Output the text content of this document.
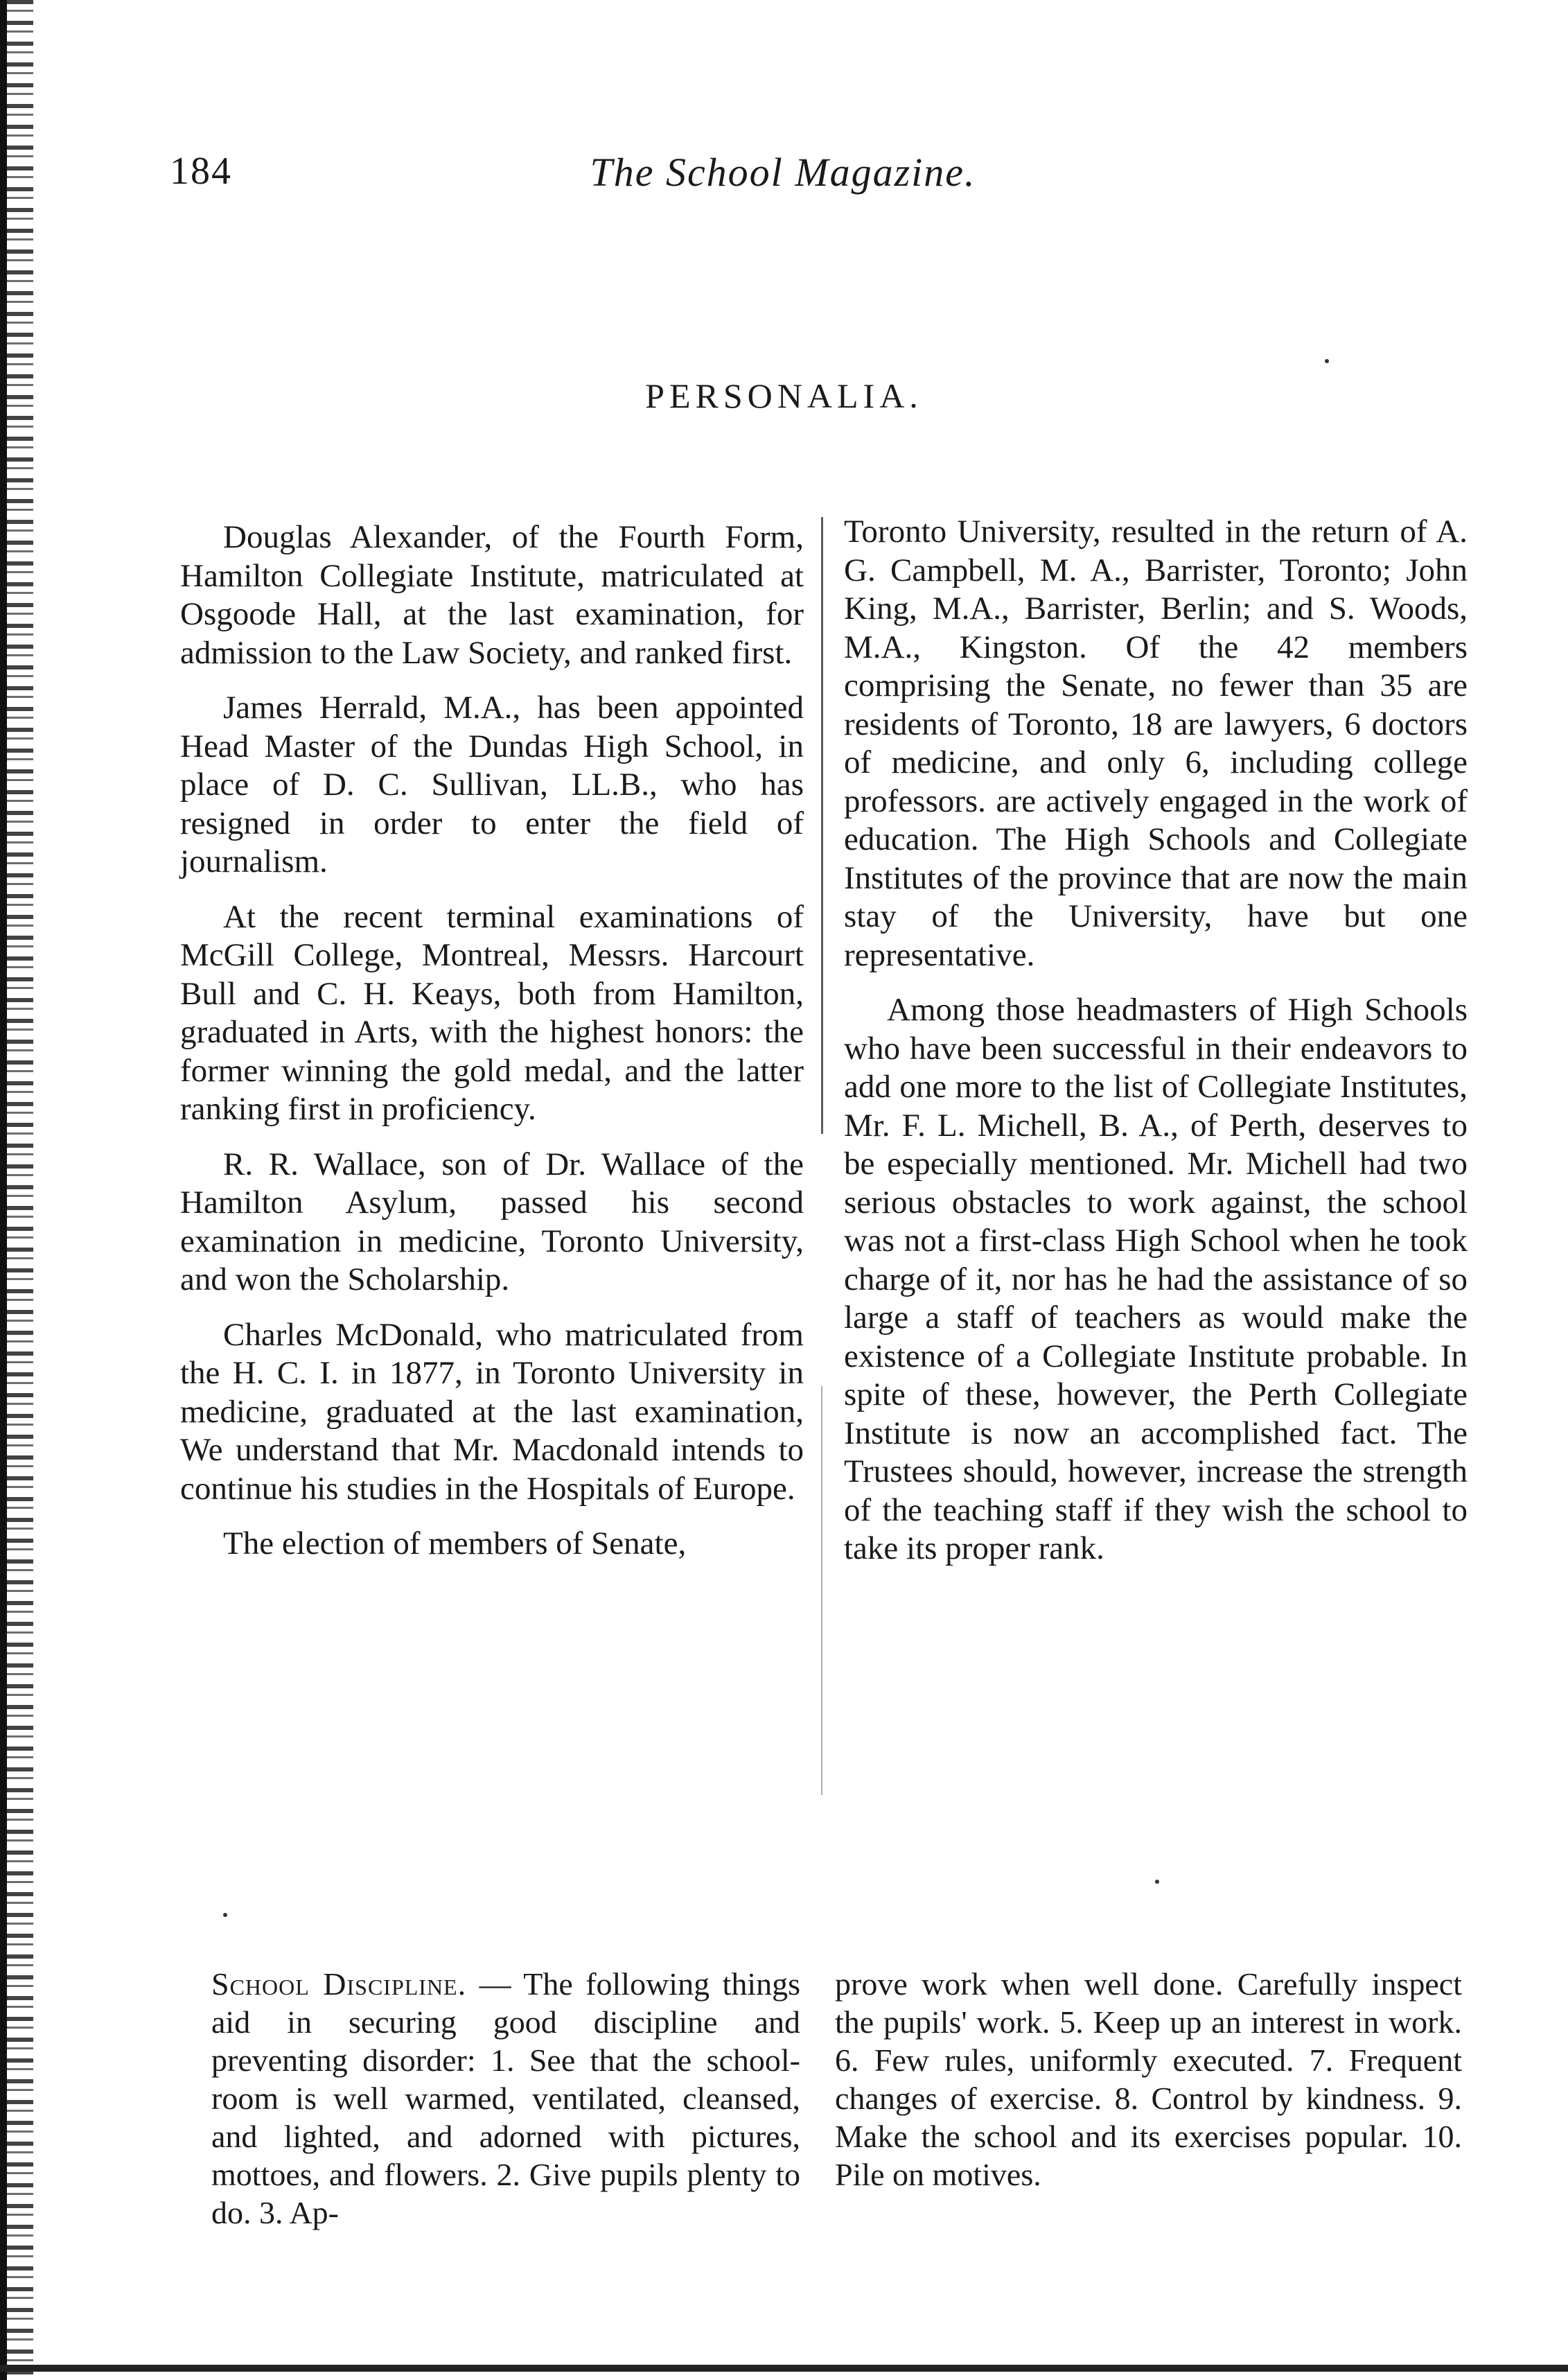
184	The School Magazine.
PERSONALIA.

Douglas Alexander, of the Fourth Form, Hamilton Collegiate Institute, matriculated at Osgoode Hall, at the last examination, for admission to the Law Society, and ranked first.

James Herrald, M.A., has been appointed Head Master of the Dundas High School, in place of D. C. Sullivan, LL.B., who has resigned in order to enter the field of journalism.

At the recent terminal examinations of McGill College, Montreal, Messrs. Harcourt Bull and C. H. Keays, both from Hamilton, graduated in Arts, with the highest honors: the former winning the gold medal, and the latter ranking first in proficiency.

R. R. Wallace, son of Dr. Wallace of the Hamilton Asylum, passed his second examination in medicine, Toronto University, and won the Scholarship.

Charles McDonald, who matriculated from the H. C. I. in 1877, in Toronto University in medicine, graduated at the last examination, We understand that Mr. Macdonald intends to continue his studies in the Hospitals of Europe.

The election of members of Senate,

Toronto University, resulted in the return of A. G. Campbell, M. A., Barrister, Toronto; John King, M.A., Barrister, Berlin; and S. Woods, M.A., Kingston. Of the 42 members comprising the Senate, no fewer than 35 are residents of Toronto, 18 are lawyers, 6 doctors of medicine, and only 6, including college professors. are actively engaged in the work of education. The High Schools and Collegiate Institutes of the province that are now the main stay of the University, have but one representative.

Among those headmasters of High Schools who have been successful in their endeavors to add one more to the list of Collegiate Institutes, Mr. F. L. Michell, B. A., of Perth, deserves to be especially mentioned. Mr. Michell had two serious obstacles to work against, the school was not a first-class High School when he took charge of it, nor has he had the assistance of so large a staff of teachers as would make the existence of a Collegiate Institute probable. In spite of these, however, the Perth Collegiate Institute is now an accomplished fact. The Trustees should, however, increase the strength of the teaching staff if they wish the school to take its proper rank.

School Discipline. — The following things aid in securing good discipline and preventing disorder: 1. See that the school-room is well warmed, ventilated, cleansed, and lighted, and adorned with pictures, mottoes, and flowers. 2. Give pupils plenty to do. 3. Ap-

prove work when well done. Carefully inspect the pupils' work. 5. Keep up an interest in work. 6. Few rules, uniformly executed. 7. Frequent changes of exercise. 8. Control by kindness. 9. Make the school and its exercises popular. 10. Pile on motives.
